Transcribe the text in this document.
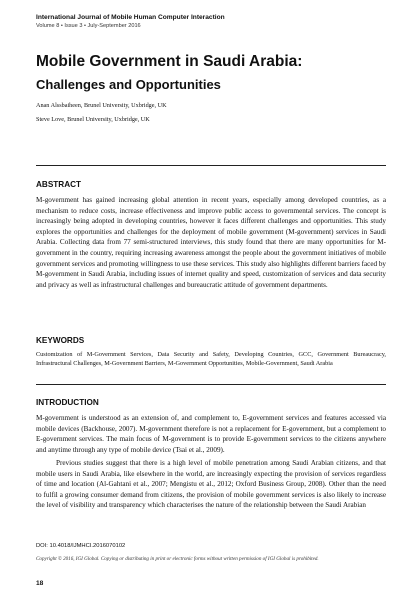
International Journal of Mobile Human Computer Interaction
Volume 8 • Issue 3 • July-September 2016
Mobile Government in Saudi Arabia:
Challenges and Opportunities
Anan Alssbaiheen, Brunel University, Uxbridge, UK
Steve Love, Brunel University, Uxbridge, UK
ABSTRACT

M-government has gained increasing global attention in recent years, especially among developed countries, as a mechanism to reduce costs, increase effectiveness and improve public access to governmental services. The concept is increasingly being adopted in developing countries, however it faces different challenges and opportunities. This study explores the opportunities and challenges for the deployment of mobile government (M-government) services in Saudi Arabia. Collecting data from 77 semi-structured interviews, this study found that there are many opportunities for M-government in the country, requiring increasing awareness amongst the people about the government initiatives of mobile government services and promoting willingness to use these services. This study also highlights different barriers faced by M-government in Saudi Arabia, including issues of internet quality and speed, customization of services and data security and privacy as well as infrastructural challenges and bureaucratic attitude of government departments.

KEYWORDS

Customization of M-Government Services, Data Security and Safety, Developing Countries, GCC, Government Bureaucracy, Infrastructural Challenges, M-Government Barriers, M-Government Opportunities, Mobile-Government, Saudi Arabia

INTRODUCTION

M-government is understood as an extension of, and complement to, E-government services and features accessed via mobile devices (Backhouse, 2007). M-government therefore is not a replacement for E-government, but a complement to E-government services. The main focus of M-government is to provide E-government services to the citizens anywhere and anytime through any type of mobile device (Tsai et al., 2009).

Previous studies suggest that there is a high level of mobile penetration among Saudi Arabian citizens, and that mobile users in Saudi Arabia, like elsewhere in the world, are increasingly expecting the provision of services regardless of time and location (Al-Gahtani et al., 2007; Mengistu et al., 2012; Oxford Business Group, 2008). Other than the need to fulfil a growing consumer demand from citizens, the provision of mobile government services is also likely to increase the level of visibility and transparency which characterises the nature of the relationship between the Saudi Arabian

DOI: 10.4018/IJMHCI.2016070102
Copyright © 2016, IGI Global. Copying or distributing in print or electronic forms without written permission of IGI Global is prohibited.
18
